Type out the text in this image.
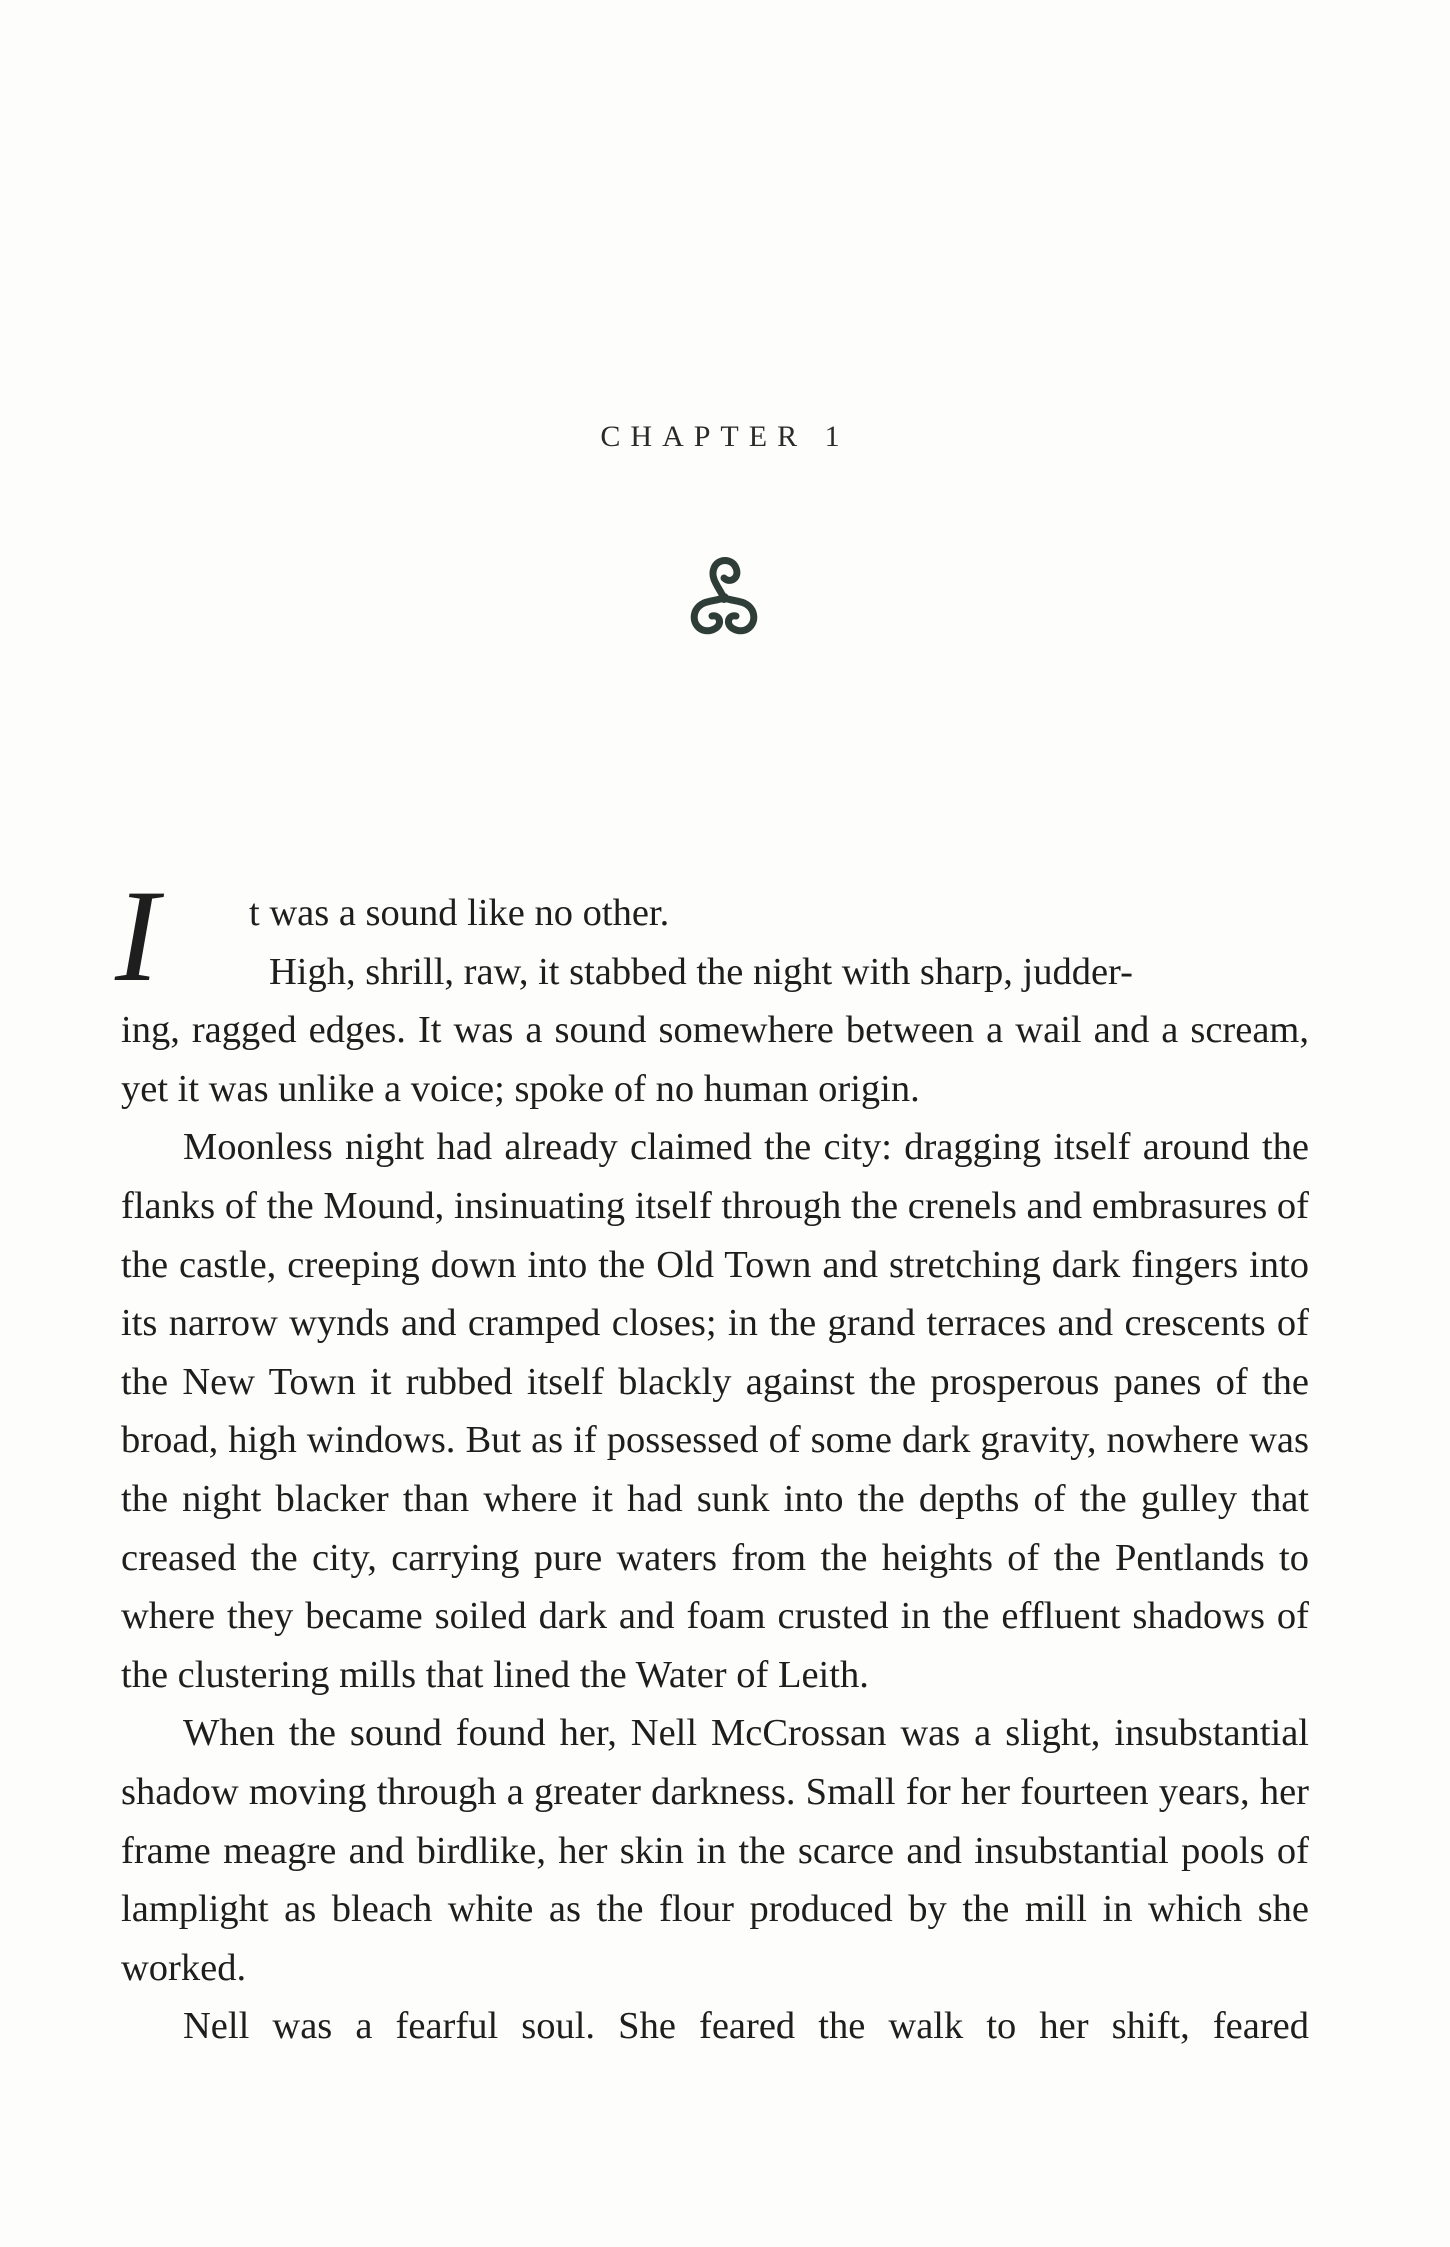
CHAPTER 1

I	t was a sound like no other.

High, shrill, raw, it stabbed the night with sharp, judder-
ing, ragged edges. It was a sound somewhere between a wail and a scream, yet it was unlike a voice; spoke of no human origin.

Moonless night had already claimed the city: dragging itself around the flanks of the Mound, insinuating itself through the crenels and embrasures of the castle, creeping down into the Old Town and stretching dark fingers into its narrow wynds and cramped closes; in the grand terraces and crescents of the New Town it rubbed itself blackly against the prosperous panes of the broad, high windows. But as if possessed of some dark gravity, nowhere was the night blacker than where it had sunk into the depths of the gulley that creased the city, carrying pure waters from the heights of the Pentlands to where they became soiled dark and foam crusted in the effluent shadows of the clustering mills that lined the Water of Leith.

When the sound found her, Nell McCrossan was a slight, insubstantial shadow moving through a greater darkness. Small for her fourteen years, her frame meagre and birdlike, her skin in the scarce and insubstantial pools of lamplight as bleach white as the flour produced by the mill in which she worked.

Nell was a fearful soul. She feared the walk to her shift, feared
